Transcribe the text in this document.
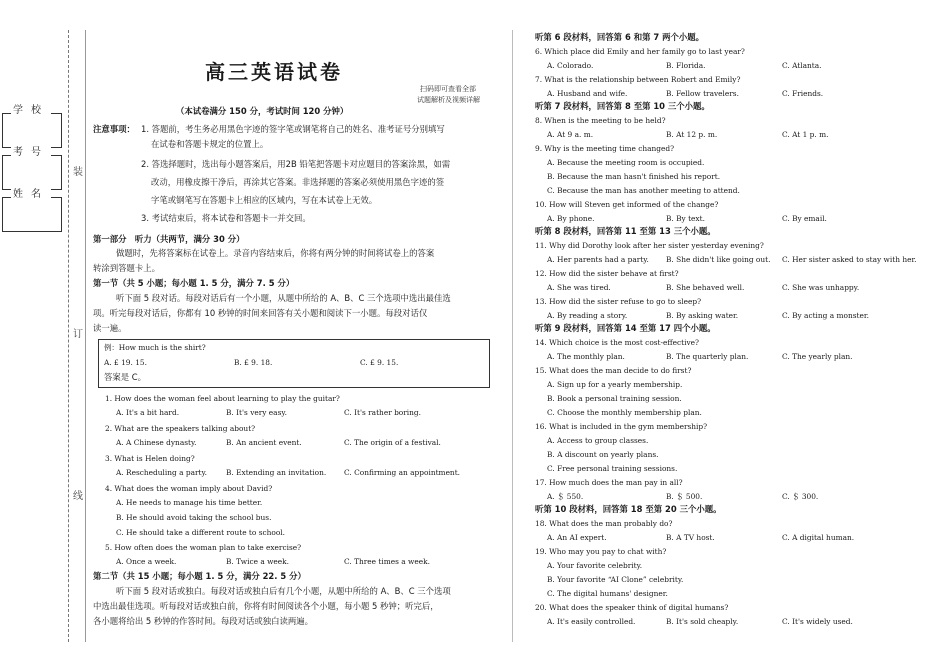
装
订
线
学校
考号
姓名
高三英语试卷
扫码即可查看全部
试题解析及视频详解
（本试卷满分 150 分，考试时间 120 分钟）
注意事项： 1. 答题前，考生务必用黑色字迹的签字笔或钢笔将自己的姓名、准考证号分别填写
在试卷和答题卡规定的位置上。
2. 答选择题时，选出每小题答案后，用2B 铅笔把答题卡对应题目的答案涂黑，如需
改动，用橡皮擦干净后，再涂其它答案。非选择题的答案必须使用黑色字迹的签
字笔或钢笔写在答题卡上相应的区域内，写在本试卷上无效。
3. 考试结束后，将本试卷和答题卡一并交回。
第一部分　听力（共两节，满分 30 分）
做题时，先将答案标在试卷上。录音内容结束后，你将有两分钟的时间将试卷上的答案
转涂到答题卡上。
第一节（共 5 小题；每小题 1. 5 分，满分 7. 5 分）
听下面 5 段对话。每段对话后有一个小题，从题中所给的 A、B、C 三个选项中选出最佳选
项。听完每段对话后，你都有 10 秒钟的时间来回答有关小题和阅读下一小题。每段对话仅
读一遍。
例：How much is the shirt?
A. £ 19. 15.	B. £ 9. 18.	C. £ 9. 15.
答案是 C。
1. How does the woman feel about learning to play the guitar?
A. It's a bit hard.	B. It's very easy.	C. It's rather boring.
2. What are the speakers talking about?
A. A Chinese dynasty.	B. An ancient event.	C. The origin of a festival.
3. What is Helen doing?
A. Rescheduling a party.	B. Extending an invitation. C. Confirming an appointment.
4. What does the woman imply about David?
A. He needs to manage his time better.
B. He should avoid taking the school bus.
C. He should take a different route to school.
5. How often does the woman plan to take exercise?
A. Once a week.	B. Twice a week.	C. Three times a week.
第二节（共 15 小题；每小题 1. 5 分，满分 22. 5 分）
听下面 5 段对话或独白。每段对话或独白后有几个小题，从题中所给的 A、B、C 三个选项
中选出最佳选项。听每段对话或独白前，你将有时间阅读各个小题，每小题 5 秒钟；听完后，
各小题将给出 5 秒钟的作答时间。每段对话或独白读两遍。
听第 6 段材料，回答第 6 和第 7 两个小题。
6. Which place did Emily and her family go to last year?
A. Colorado.	B. Florida.	C. Atlanta.
7. What is the relationship between Robert and Emily?
A. Husband and wife.	B. Fellow travelers.	C. Friends.
听第 7 段材料，回答第 8 至第 10 三个小题。
8. When is the meeting to be held?
A. At 9 a. m.	B. At 12 p. m.	C. At 1 p. m.
9. Why is the meeting time changed?
A. Because the meeting room is occupied.
B. Because the man hasn't finished his report.
C. Because the man has another meeting to attend.
10. How will Steven get informed of the change?
A. By phone.	B. By text.	C. By email.
听第 8 段材料，回答第 11 至第 13 三个小题。
11. Why did Dorothy look after her sister yesterday evening?
A. Her parents had a party. B. She didn't like going out. C. Her sister asked to stay with her.
12. How did the sister behave at first?
A. She was tired.	B. She behaved well.	C. She was unhappy.
13. How did the sister refuse to go to sleep?
A. By reading a story.	B. By asking water.	C. By acting a monster.
听第 9 段材料，回答第 14 至第 17 四个小题。
14. Which choice is the most cost-effective?
A. The monthly plan.	B. The quarterly plan.	C. The yearly plan.
15. What does the man decide to do first?
A. Sign up for a yearly membership.
B. Book a personal training session.
C. Choose the monthly membership plan.
16. What is included in the gym membership?
A. Access to group classes.
B. A discount on yearly plans.
C. Free personal training sessions.
17. How much does the man pay in all?
A. ＄ 550.	B. ＄ 500.	C. ＄ 300.
听第 10 段材料，回答第 18 至第 20 三个小题。
18. What does the man probably do?
A. An AI expert.	B. A TV host.	C. A digital human.
19. Who may you pay to chat with?
A. Your favorite celebrity.
B. Your favorite “AI Clone” celebrity.
C. The digital humans' designer.
20. What does the speaker think of digital humans?
A. It's easily controlled.	B. It's sold cheaply.	C. It's widely used.
